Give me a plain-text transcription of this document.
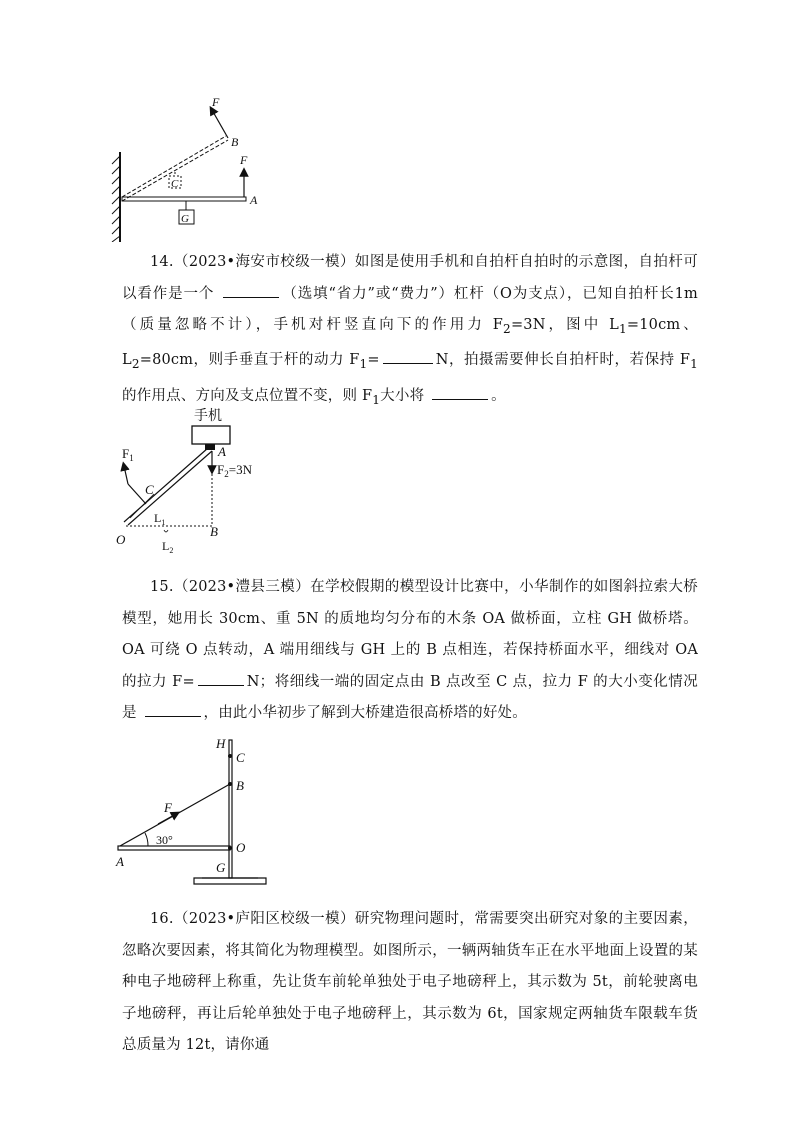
F
B
F
A
C
G

14.（2023•海安市校级一模）如图是使用手机和自拍杆自拍时的示意图，自拍杆可以看作是一个	（选填“省力”或“费力”）杠杆（O为支点），已知自拍杆长1m（质量忽略不计），手机对杆竖直向下的作用力 $F_2=3N$，图中 $L_1=10cm$、$L_2=80cm$，则手垂直于杆的动力 $F_1=$	N，拍摄需要伸长自拍杆时，若保持 $F_1$的作用点、方向及支点位置不变，则 $F_1$大小将	。

手机
$F_1$	A
$F_2=3N$
C
$L_1$
O
B
$L_2$

15.（2023•澧县三模）在学校假期的模型设计比赛中，小华制作的如图斜拉索大桥模型，她用长 30cm、重 5N 的质地均匀分布的木条 OA 做桥面，立柱 GH 做桥塔。OA 可绕 O 点转动，A 端用细线与 GH 上的 B 点相连，若保持桥面水平，细线对 OA 的拉力 F=	N；将细线一端的固定点由 B 点改至 C 点，拉力 F 的大小变化情况是	，由此小华初步了解到大桥建造很高桥塔的好处。

H
C
B
F
30°	O
A	G

16.（2023•庐阳区校级一模）研究物理问题时，常需要突出研究对象的主要因素，忽略次要因素，将其简化为物理模型。如图所示，一辆两轴货车正在水平地面上设置的某种电子地磅秤上称重，先让货车前轮单独处于电子地磅秤上，其示数为 5t，前轮驶离电子地磅秤，再让后轮单独处于电子地磅秤上，其示数为 6t，国家规定两轴货车限载车货总质量为 12t，请你通
